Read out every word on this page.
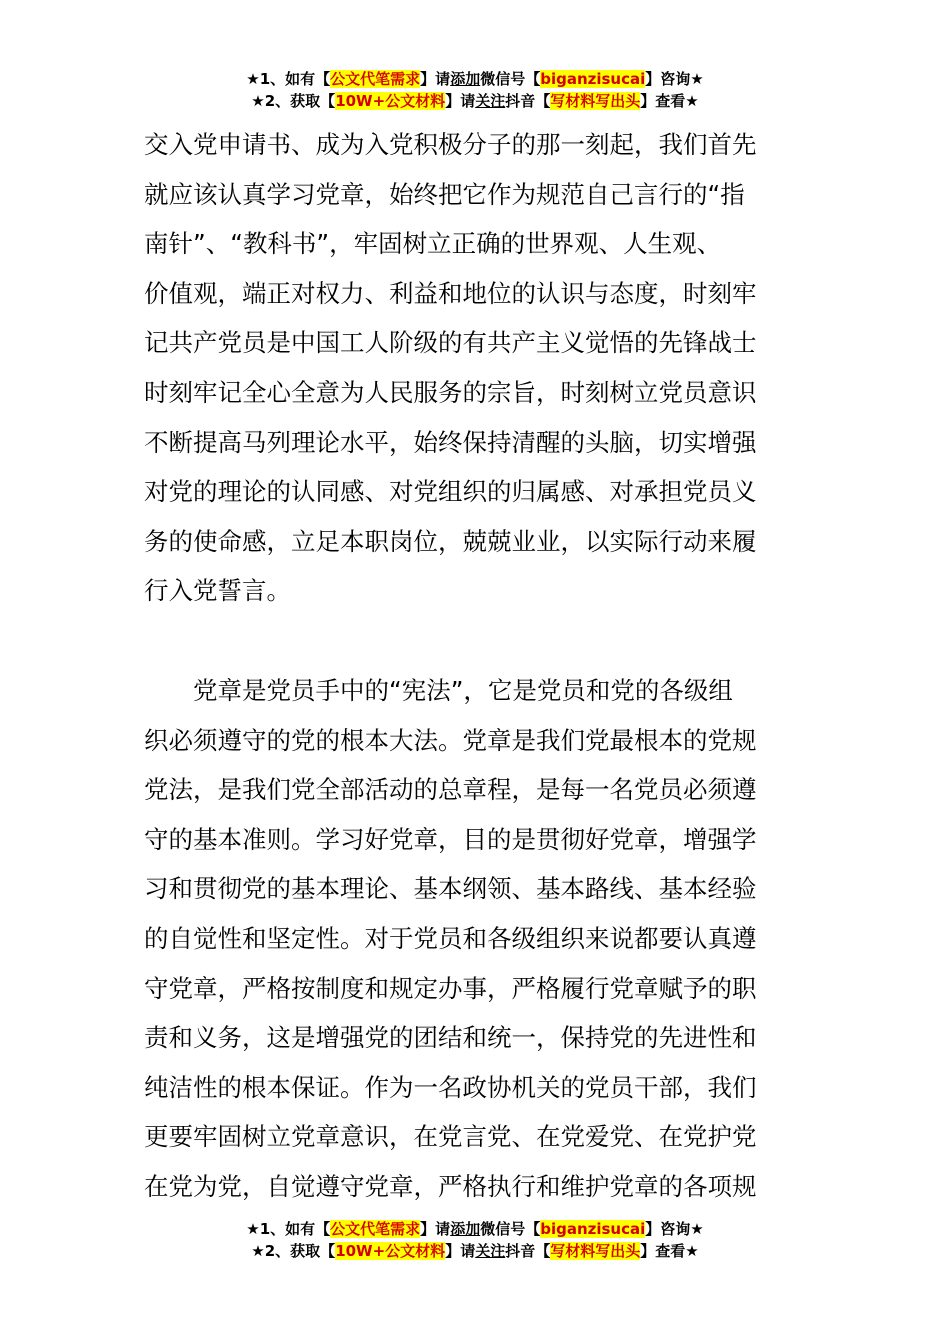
★1、如有【公文代笔需求】请添加微信号【biganzisucai】咨询★
★2、获取【10W+公文材料】请关注抖音【写材料写出头】查看★
交入党申请书、成为入党积极分子的那一刻起，我们首先
就应该认真学习党章，始终把它作为规范自己言行的“指
南针”、“教科书”，牢固树立正确的世界观、人生观、
价值观，端正对权力、利益和地位的认识与态度，时刻牢
记共产党员是中国工人阶级的有共产主义觉悟的先锋战士
时刻牢记全心全意为人民服务的宗旨，时刻树立党员意识
不断提高马列理论水平，始终保持清醒的头脑，切实增强
对党的理论的认同感、对党组织的归属感、对承担党员义
务的使命感，立足本职岗位，兢兢业业，以实际行动来履
行入党誓言。
　　党章是党员手中的“宪法”，它是党员和党的各级组
织必须遵守的党的根本大法。党章是我们党最根本的党规
党法，是我们党全部活动的总章程，是每一名党员必须遵
守的基本准则。学习好党章，目的是贯彻好党章，增强学
习和贯彻党的基本理论、基本纲领、基本路线、基本经验
的自觉性和坚定性。对于党员和各级组织来说都要认真遵
守党章，严格按制度和规定办事，严格履行党章赋予的职
责和义务，这是增强党的团结和统一，保持党的先进性和
纯洁性的根本保证。作为一名政协机关的党员干部，我们
更要牢固树立党章意识，在党言党、在党爱党、在党护党
在党为党，自觉遵守党章，严格执行和维护党章的各项规
★1、如有【公文代笔需求】请添加微信号【biganzisucai】咨询★
★2、获取【10W+公文材料】请关注抖音【写材料写出头】查看★
